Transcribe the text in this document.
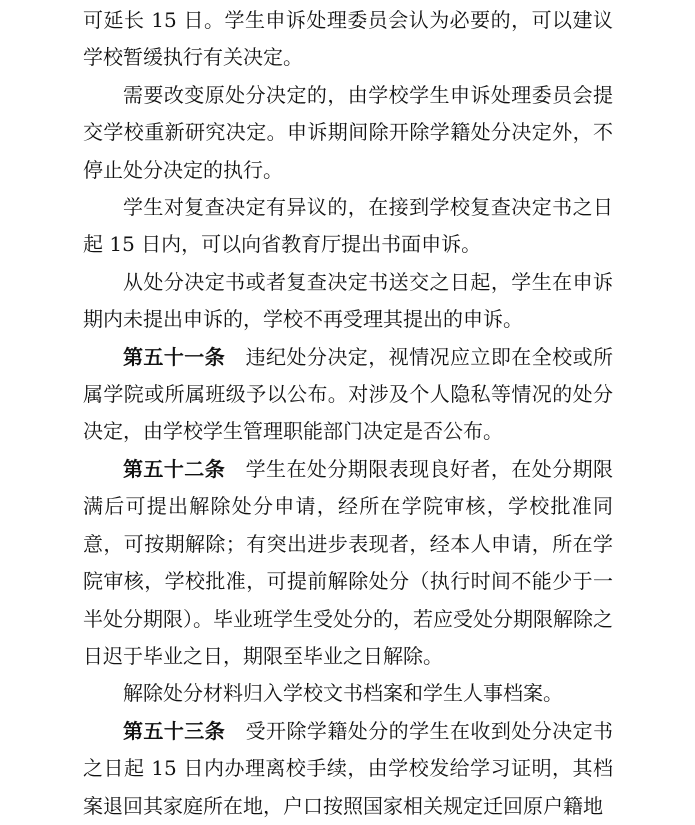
可延长 15 日。学生申诉处理委员会认为必要的，可以建议学校暂缓执行有关决定。

需要改变原处分决定的，由学校学生申诉处理委员会提交学校重新研究决定。申诉期间除开除学籍处分决定外，不停止处分决定的执行。

学生对复查决定有异议的，在接到学校复查决定书之日起 15 日内，可以向省教育厅提出书面申诉。

从处分决定书或者复查决定书送交之日起，学生在申诉期内未提出申诉的，学校不再受理其提出的申诉。

第五十一条 违纪处分决定，视情况应立即在全校或所属学院或所属班级予以公布。对涉及个人隐私等情况的处分决定，由学校学生管理职能部门决定是否公布。

第五十二条 学生在处分期限表现良好者，在处分期限满后可提出解除处分申请，经所在学院审核，学校批准同意，可按期解除；有突出进步表现者，经本人申请，所在学院审核，学校批准，可提前解除处分（执行时间不能少于一半处分期限）。毕业班学生受处分的，若应受处分期限解除之日迟于毕业之日，期限至毕业之日解除。

解除处分材料归入学校文书档案和学生人事档案。

第五十三条 受开除学籍处分的学生在收到处分决定书之日起 15 日内办理离校手续，由学校发给学习证明，其档案退回其家庭所在地，户口按照国家相关规定迁回原户籍地
